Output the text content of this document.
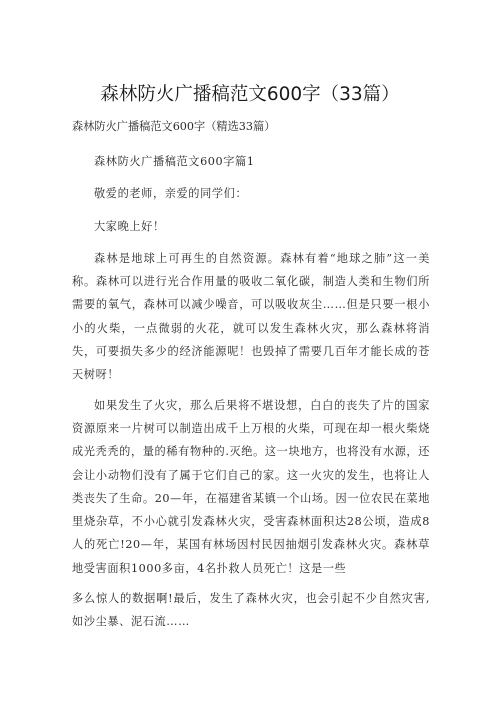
森林防火广播稿范文600字（33篇）
森林防火广播稿范文600字（精选33篇）

森林防火广播稿范文600字篇1

敬爱的老师，亲爱的同学们：

大家晚上好！

森林是地球上可再生的自然资源。森林有着“地球之肺”这一美称。森林可以进行光合作用量的吸收二氧化碳，制造人类和生物们所需要的氧气，森林可以减少噪音，可以吸收灰尘……但是只要一根小小的火柴，一点微弱的火花，就可以发生森林火灾，那么森林将消失，可要损失多少的经济能源呢！也毁掉了需要几百年才能长成的苍天树呀！

如果发生了火灾，那么后果将不堪设想，白白的丧失了片的国家资源原来一片树可以制造出成千上万根的火柴，可现在却一根火柴烧成光秃秃的，量的稀有物种的.灭绝。这一块地方，也将没有水源，还会让小动物们没有了属于它们自己的家。这一火灾的发生，也将让人类丧失了生命。20—年，在福建省某镇一个山场。因一位农民在菜地里烧杂草，不小心就引发森林火灾，受害森林面积达28公顷，造成8人的死亡!20—年，某国有林场因村民因抽烟引发森林火灾。森林草地受害面积1000多亩，4名扑救人员死亡！这是一些

多么惊人的数据啊!最后，发生了森林火灾，也会引起不少自然灾害,如沙尘暴、泥石流……
